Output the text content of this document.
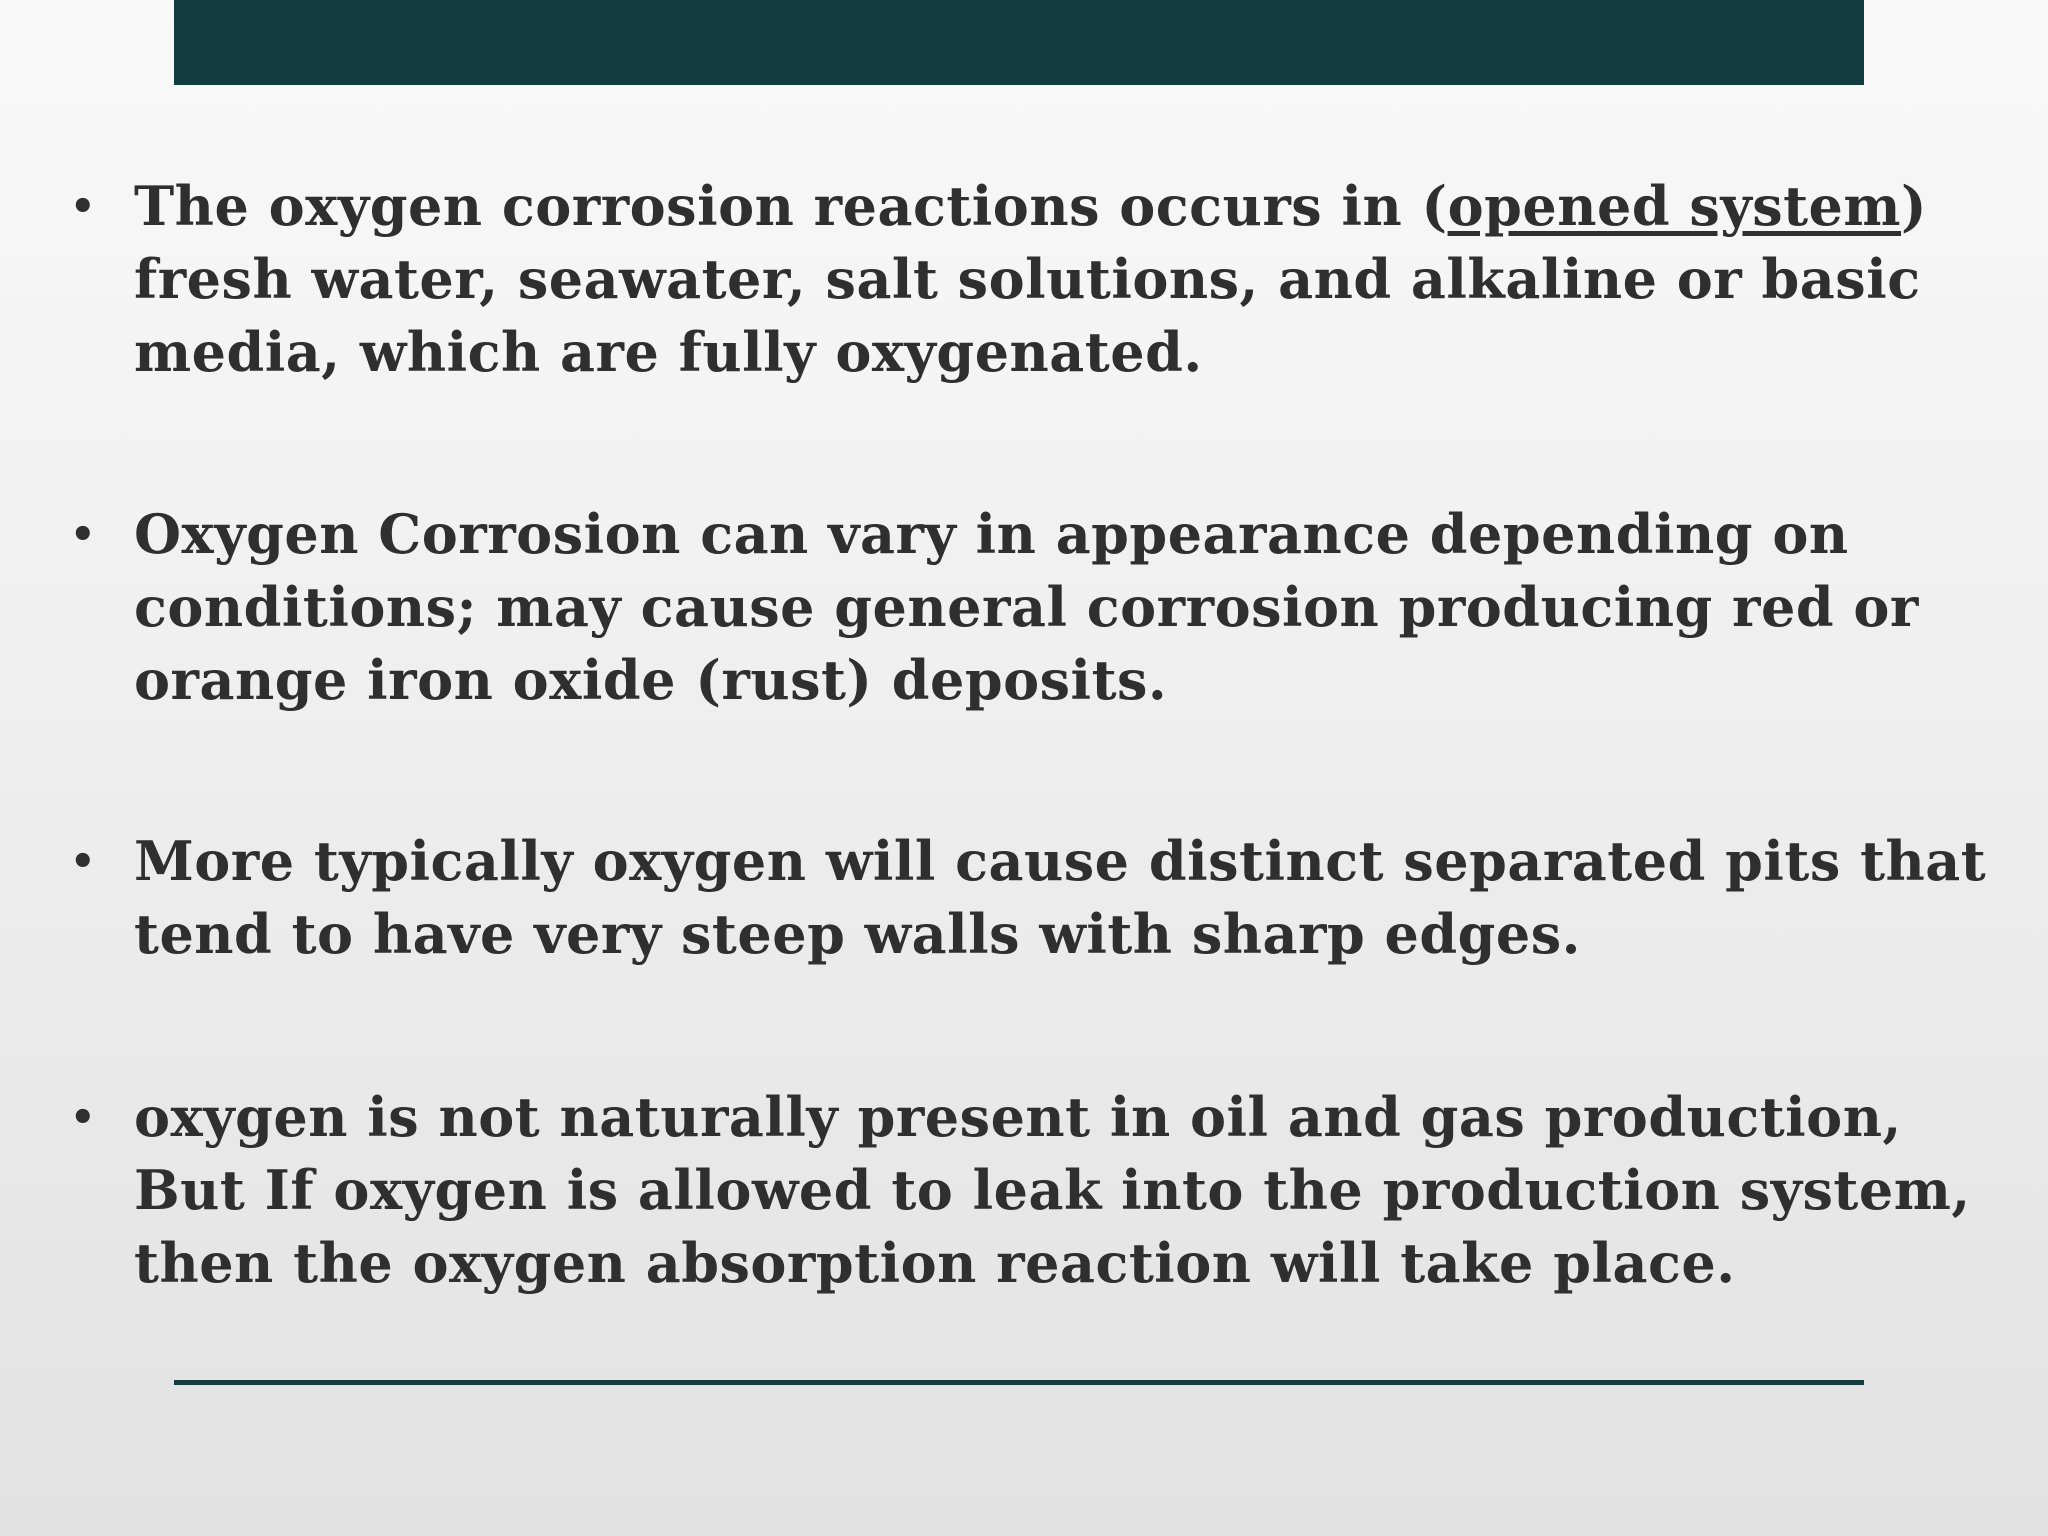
• The oxygen corrosion reactions occurs in (opened system) fresh water, seawater, salt solutions, and alkaline or basic media, which are fully oxygenated.
• Oxygen Corrosion can vary in appearance depending on conditions; may cause general corrosion producing red or orange iron oxide (rust) deposits.
• More typically oxygen will cause distinct separated pits that tend to have very steep walls with sharp edges.
• oxygen is not naturally present in oil and gas production, But If oxygen is allowed to leak into the production system, then the oxygen absorption reaction will take place.
